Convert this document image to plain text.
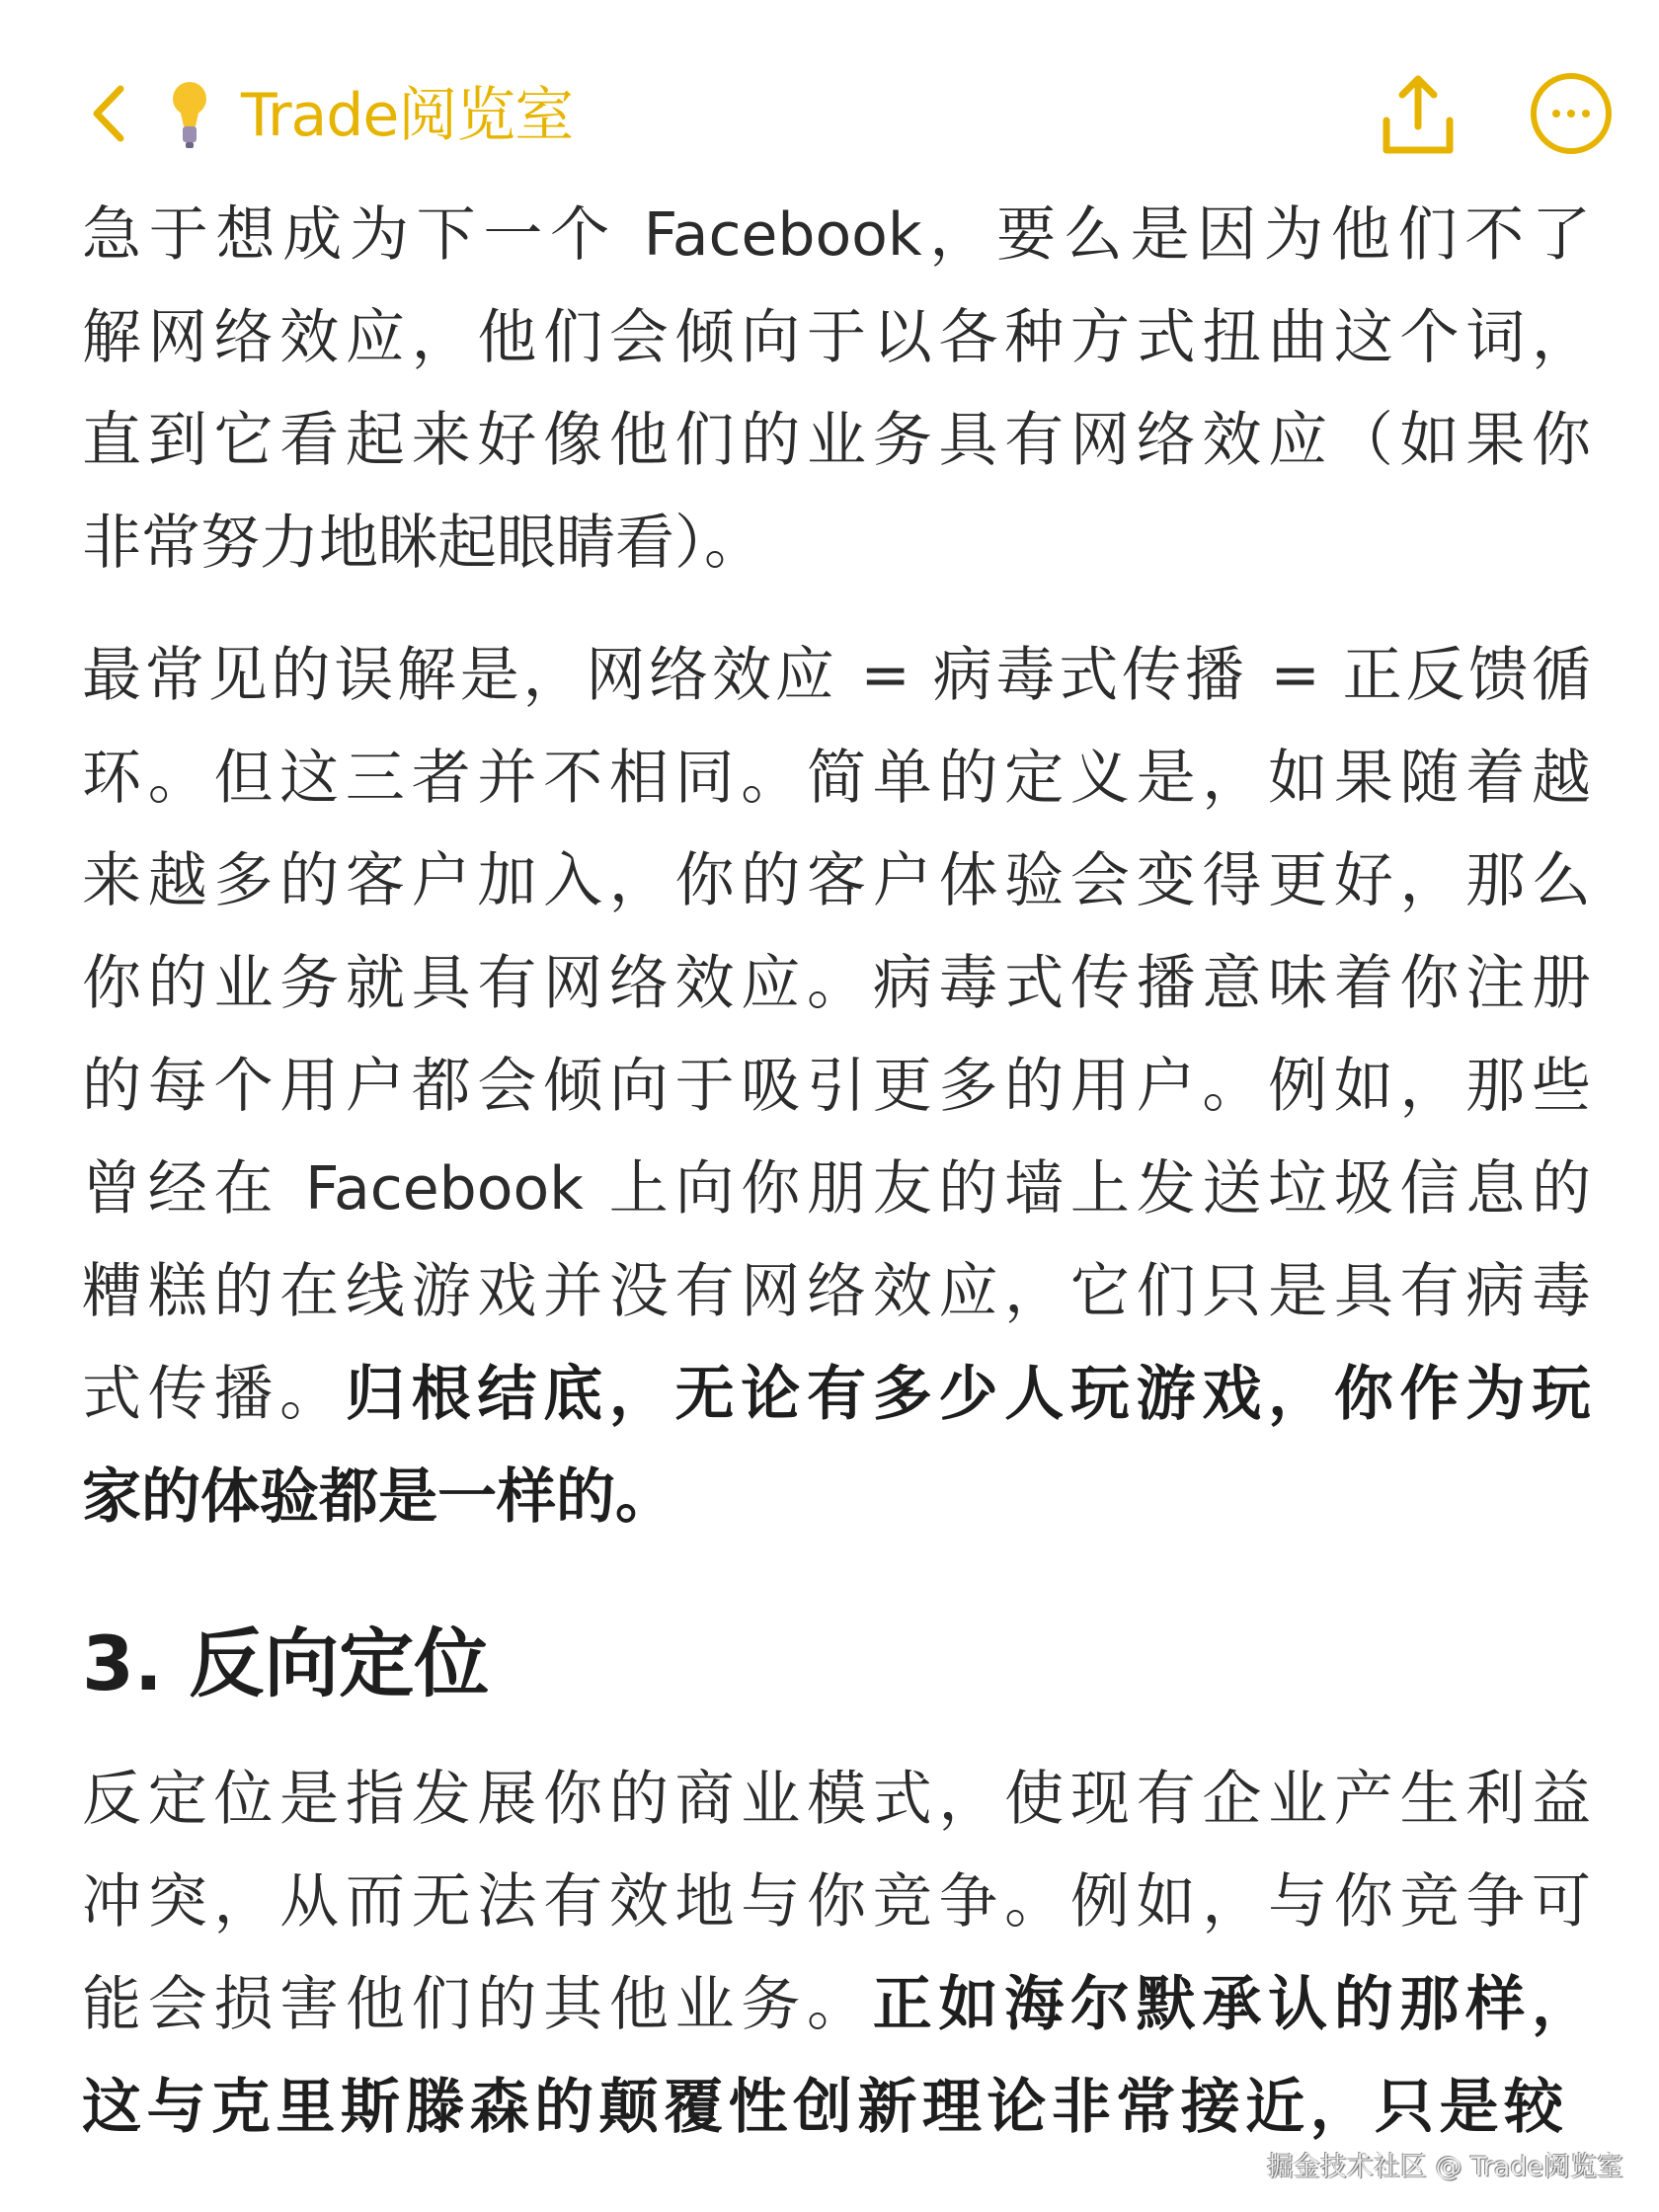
Trade阅览室
急于想成为下一个 Facebook，要么是因为他们不了
解网络效应，他们会倾向于以各种方式扭曲这个词，
直到它看起来好像他们的业务具有网络效应（如果你
非常努力地眯起眼睛看）。
最常见的误解是，网络效应 = 病毒式传播 = 正反馈循
环。但这三者并不相同。简单的定义是，如果随着越
来越多的客户加入，你的客户体验会变得更好，那么
你的业务就具有网络效应。病毒式传播意味着你注册
的每个用户都会倾向于吸引更多的用户。例如，那些
曾经在 Facebook 上向你朋友的墙上发送垃圾信息的
糟糕的在线游戏并没有网络效应，它们只是具有病毒
式传播。归根结底，无论有多少人玩游戏，你作为玩
家的体验都是一样的。
3. 反向定位
反定位是指发展你的商业模式，使现有企业产生利益
冲突，从而无法有效地与你竞争。例如，与你竞争可
能会损害他们的其他业务。正如海尔默承认的那样，
这与克里斯滕森的颠覆性创新理论非常接近，只是较
掘金技术社区 @ Trade阅览室
